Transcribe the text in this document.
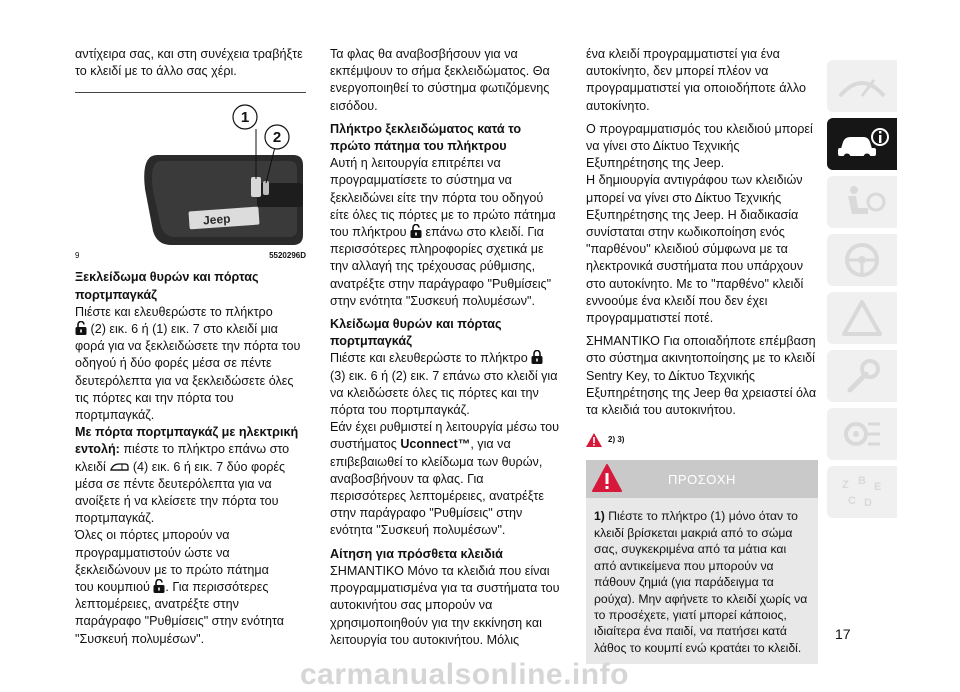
αντίχειρα σας, και στη συνέχεια τραβήξτε το κλειδί με το άλλο σας χέρι.

Jeep
1
2
9	5520296D
Ξεκλείδωμα θυρών και πόρτας πορτμπαγκάζ

Πιέστε και ελευθερώστε το πλήκτρο
(2) εικ. 6 ή (1) εικ. 7 στο κλειδί μια φορά για να ξεκλειδώσετε την πόρτα του οδηγού ή δύο φορές μέσα σε πέντε δευτερόλεπτα για να ξεκλειδώσετε όλες τις πόρτες και την πόρτα του πορτμπαγκάζ.

Με πόρτα πορτμπαγκάζ με ηλεκτρική εντολή: πιέστε το πλήκτρο επάνω στο κλειδί (4) εικ. 6 ή εικ. 7 δύο φορές μέσα σε πέντε δευτερόλεπτα για να ανοίξετε ή να κλείσετε την πόρτα του πορτμπαγκάζ.

Όλες οι πόρτες μπορούν να προγραμματιστούν ώστε να ξεκλειδώνουν με το πρώτο πάτημα

του κουμπιού . Για περισσότερες λεπτομέρειες, ανατρέξτε στην παράγραφο "Ρυθμίσεις" στην ενότητα "Συσκευή πολυμέσων".

Τα φλας θα αναβοσβήσουν για να εκπέμψουν το σήμα ξεκλειδώματος. Θα ενεργοποιηθεί το σύστημα φωτιζόμενης εισόδου.

Πλήκτρο ξεκλειδώματος κατά το πρώτο πάτημα του πλήκτρου

Αυτή η λειτουργία επιτρέπει να προγραμματίσετε το σύστημα να ξεκλειδώνει είτε την πόρτα του οδηγού είτε όλες τις πόρτες με το πρώτο πάτημα του πλήκτρου επάνω στο κλειδί. Για περισσότερες πληροφορίες σχετικά με την αλλαγή της τρέχουσας ρύθμισης, ανατρέξτε στην παράγραφο "Ρυθμίσεις" στην ενότητα "Συσκευή πολυμέσων".

Κλείδωμα θυρών και πόρτας πορτμπαγκάζ

Πιέστε και ελευθερώστε το πλήκτρο  (3) εικ. 6 ή (2) εικ. 7 επάνω στο κλειδί για να κλειδώσετε όλες τις πόρτες και την πόρτα του πορτμπαγκάζ.

Εάν έχει ρυθμιστεί η λειτουργία μέσω του συστήματος Uconnect™, για να επιβεβαιωθεί το κλείδωμα των θυρών, αναβοσβήνουν τα φλας. Για περισσότερες λεπτομέρειες, ανατρέξτε στην παράγραφο "Ρυθμίσεις" στην ενότητα "Συσκευή πολυμέσων".

Αίτηση για πρόσθετα κλειδιά

ΣΗΜΑΝΤΙΚΟ Μόνο τα κλειδιά που είναι προγραμματισμένα για τα συστήματα του αυτοκινήτου σας μπορούν να χρησιμοποιηθούν για την εκκίνηση και λειτουργία του αυτοκινήτου. Μόλις

ένα κλειδί προγραμματιστεί για ένα αυτοκίνητο, δεν μπορεί πλέον να προγραμματιστεί για οποιοδήποτε άλλο αυτοκίνητο.

Ο προγραμματισμός του κλειδιού μπορεί να γίνει στο Δίκτυο Τεχνικής Εξυπηρέτησης της Jeep.

Η δημιουργία αντιγράφου των κλειδιών μπορεί να γίνει στο Δίκτυο Τεχνικής Εξυπηρέτησης της Jeep. Η διαδικασία συνίσταται στην κωδικοποίηση ενός "παρθένου" κλειδιού σύμφωνα με τα ηλεκτρονικά συστήματα που υπάρχουν στο αυτοκίνητο. Με το "παρθένο" κλειδί εννοούμε ένα κλειδί που δεν έχει προγραμματιστεί ποτέ.

ΣΗΜΑΝΤΙΚΟ Για οποιαδήποτε επέμβαση στο σύστημα ακινητοποίησης με το κλειδί Sentry Key, το Δίκτυο Τεχνικής Εξυπηρέτησης της Jeep θα χρειαστεί όλα τα κλειδιά του αυτοκινήτου.

2) 3)
ΠΡΟΣΟΧΗ
1) Πιέστε το πλήκτρο (1) μόνο όταν το κλειδί βρίσκεται μακριά από το σώμα σας, συγκεκριμένα από τα μάτια και από αντικείμενα που μπορούν να πάθουν ζημιά (για παράδειγμα τα ρούχα). Μην αφήνετε το κλειδί χωρίς να το προσέχετε, γιατί μπορεί κάποιος, ιδιαίτερα ένα παιδί, να πατήσει κατά λάθος το κουμπί ενώ κρατάει το κλειδί.
Z B
C D
E
17
carmanualsonline.info
